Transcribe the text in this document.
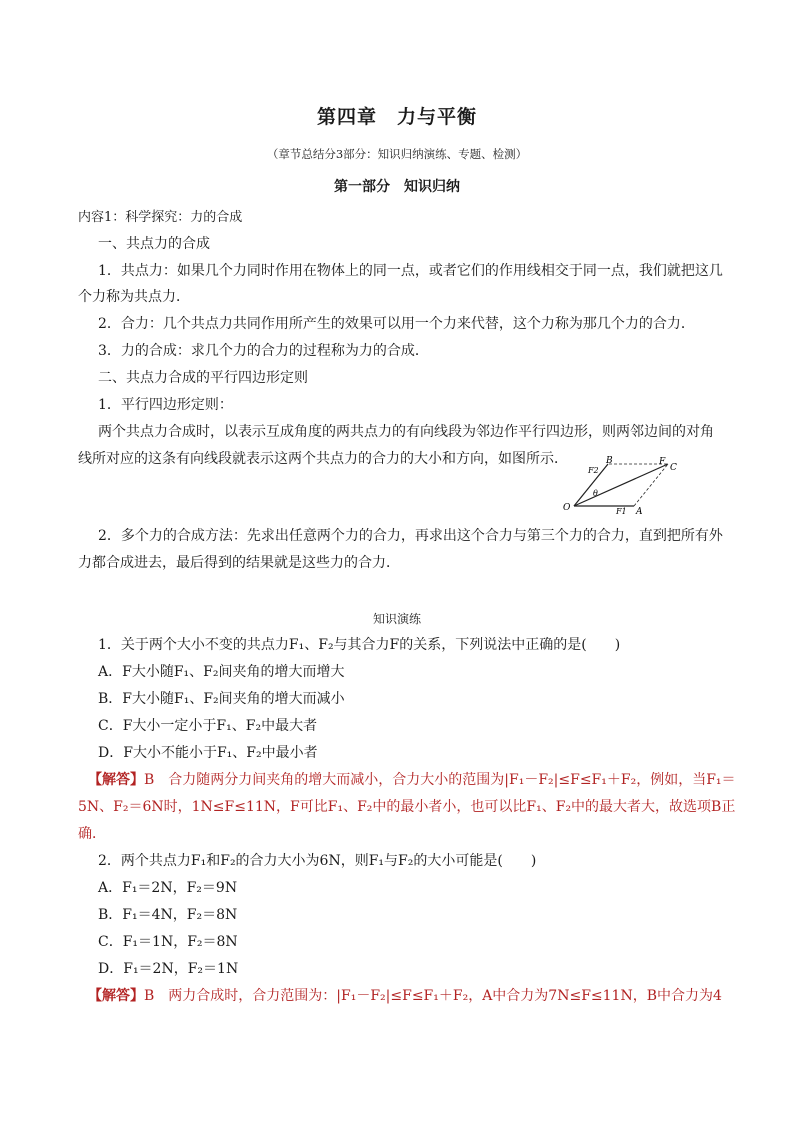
第四章　力与平衡
（章节总结分3部分：知识归纳演练、专题、检测）
第一部分　知识归纳
内容1：科学探究：力的合成
一、共点力的合成
1．共点力：如果几个力同时作用在物体上的同一点，或者它们的作用线相交于同一点，我们就把这几
个力称为共点力．
2．合力：几个共点力共同作用所产生的效果可以用一个力来代替，这个力称为那几个力的合力．
3．力的合成：求几个力的合力的过程称为力的合成．
二、共点力合成的平行四边形定则
1．平行四边形定则：
两个共点力合成时，以表示互成角度的两共点力的有向线段为邻边作平行四边形，则两邻边间的对角
线所对应的这条有向线段就表示这两个共点力的合力的大小和方向，如图所示．
O	A
B
C
F
F1
F2
θ
2．多个力的合成方法：先求出任意两个力的合力，再求出这个合力与第三个力的合力，直到把所有外
力都合成进去，最后得到的结果就是这些力的合力．
知识演练
1．关于两个大小不变的共点力F₁、F₂与其合力F的关系，下列说法中正确的是(　　)
A．F大小随F₁、F₂间夹角的增大而增大
B．F大小随F₁、F₂间夹角的增大而减小
C．F大小一定小于F₁、F₂中最大者
D．F大小不能小于F₁、F₂中最小者
【解答】B　合力随两分力间夹角的增大而减小，合力大小的范围为|F₁－F₂|≤F≤F₁＋F₂，例如，当F₁＝
5N、F₂＝6N时，1N≤F≤11N，F可比F₁、F₂中的最小者小，也可以比F₁、F₂中的最大者大，故选项B正
确．
2．两个共点力F₁和F₂的合力大小为6N，则F₁与F₂的大小可能是(　　)
A．F₁＝2N，F₂＝9N
B．F₁＝4N，F₂＝8N
C．F₁＝1N，F₂＝8N
D．F₁＝2N，F₂＝1N
【解答】B　两力合成时，合力范围为：|F₁－F₂|≤F≤F₁＋F₂，A中合力为7N≤F≤11N，B中合力为4
